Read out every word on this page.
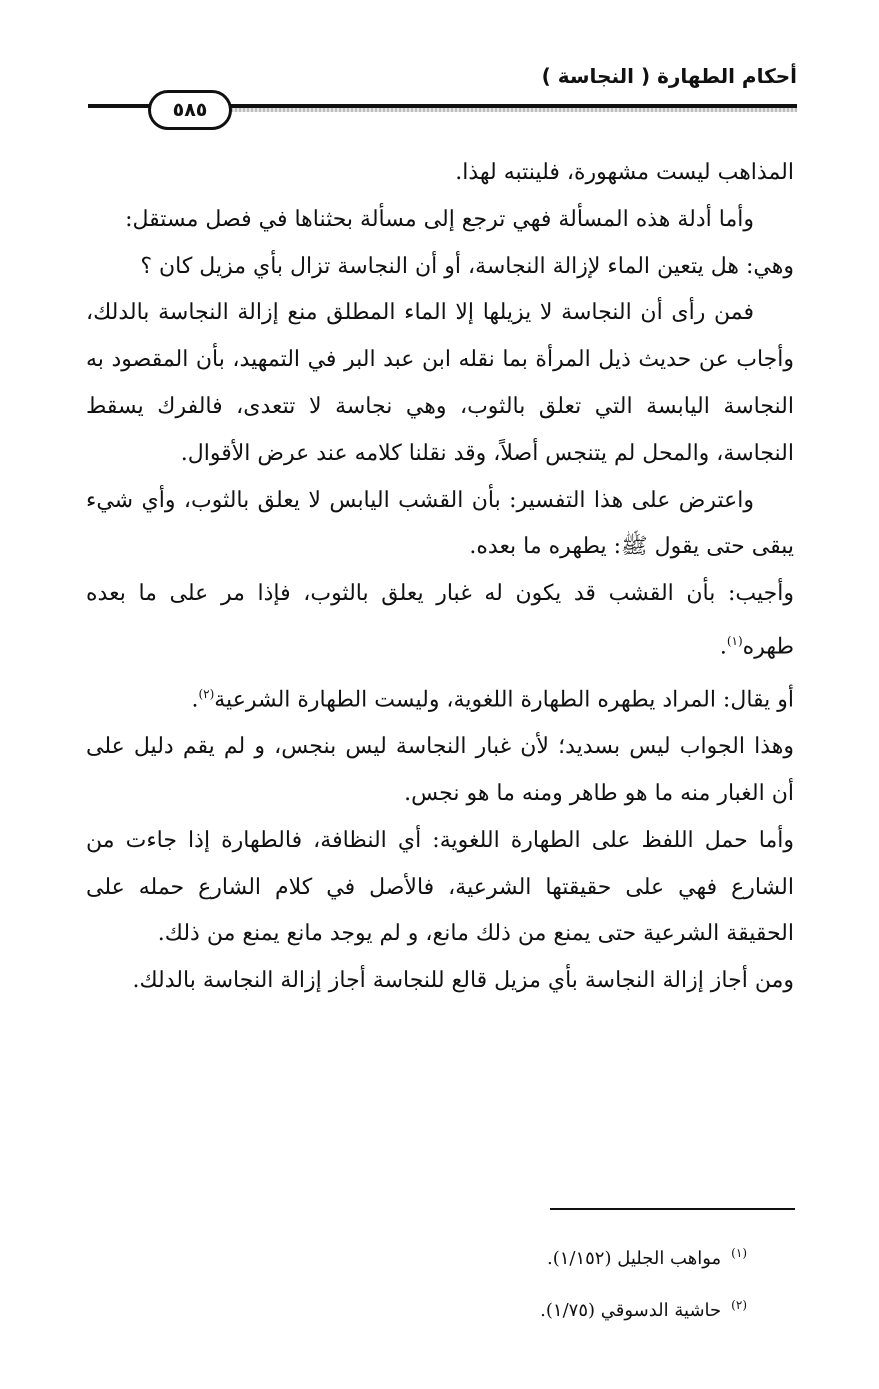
أحكام الطهارة ( النجاسة )
٥٨٥

المذاهب ليست مشهورة، فلينتبه لهذا.

وأما أدلة هذه المسألة فهي ترجع إلى مسألة بحثناها في فصل مستقل:

وهي: هل يتعين الماء لإزالة النجاسة، أو أن النجاسة تزال بأي مزيل كان ؟

فمن رأى أن النجاسة لا يزيلها إلا الماء المطلق منع إزالة النجاسة بالدلك، وأجاب عن حديث ذيل المرأة بما نقله ابن عبد البر في التمهيد، بأن المقصود به النجاسة اليابسة التي تعلق بالثوب، وهي نجاسة لا تتعدى، فالفرك يسقط النجاسة، والمحل لم يتنجس أصلاً، وقد نقلنا كلامه عند عرض الأقوال.

واعترض على هذا التفسير: بأن القشب اليابس لا يعلق بالثوب، وأي شيء يبقى حتى يقول ﷺ: يطهره ما بعده.

وأجيب: بأن القشب قد يكون له غبار يعلق بالثوب، فإذا مر على ما بعده طهره$^{(١)}$.

أو يقال: المراد يطهره الطهارة اللغوية، وليست الطهارة الشرعية$^{(٢)}$.

وهذا الجواب ليس بسديد؛ لأن غبار النجاسة ليس بنجس، و لم يقم دليل على أن الغبار منه ما هو طاهر ومنه ما هو نجس.

وأما حمل اللفظ على الطهارة اللغوية: أي النظافة، فالطهارة إذا جاءت من الشارع فهي على حقيقتها الشرعية، فالأصل في كلام الشارع حمله على الحقيقة الشرعية حتى يمنع من ذلك مانع، و لم يوجد مانع يمنع من ذلك.

ومن أجاز إزالة النجاسة بأي مزيل قالع للنجاسة أجاز إزالة النجاسة بالدلك.

$^{(١)}$مواهب الجليل (١/١٥٢).
$^{(٢)}$حاشية الدسوقي (١/٧٥).
